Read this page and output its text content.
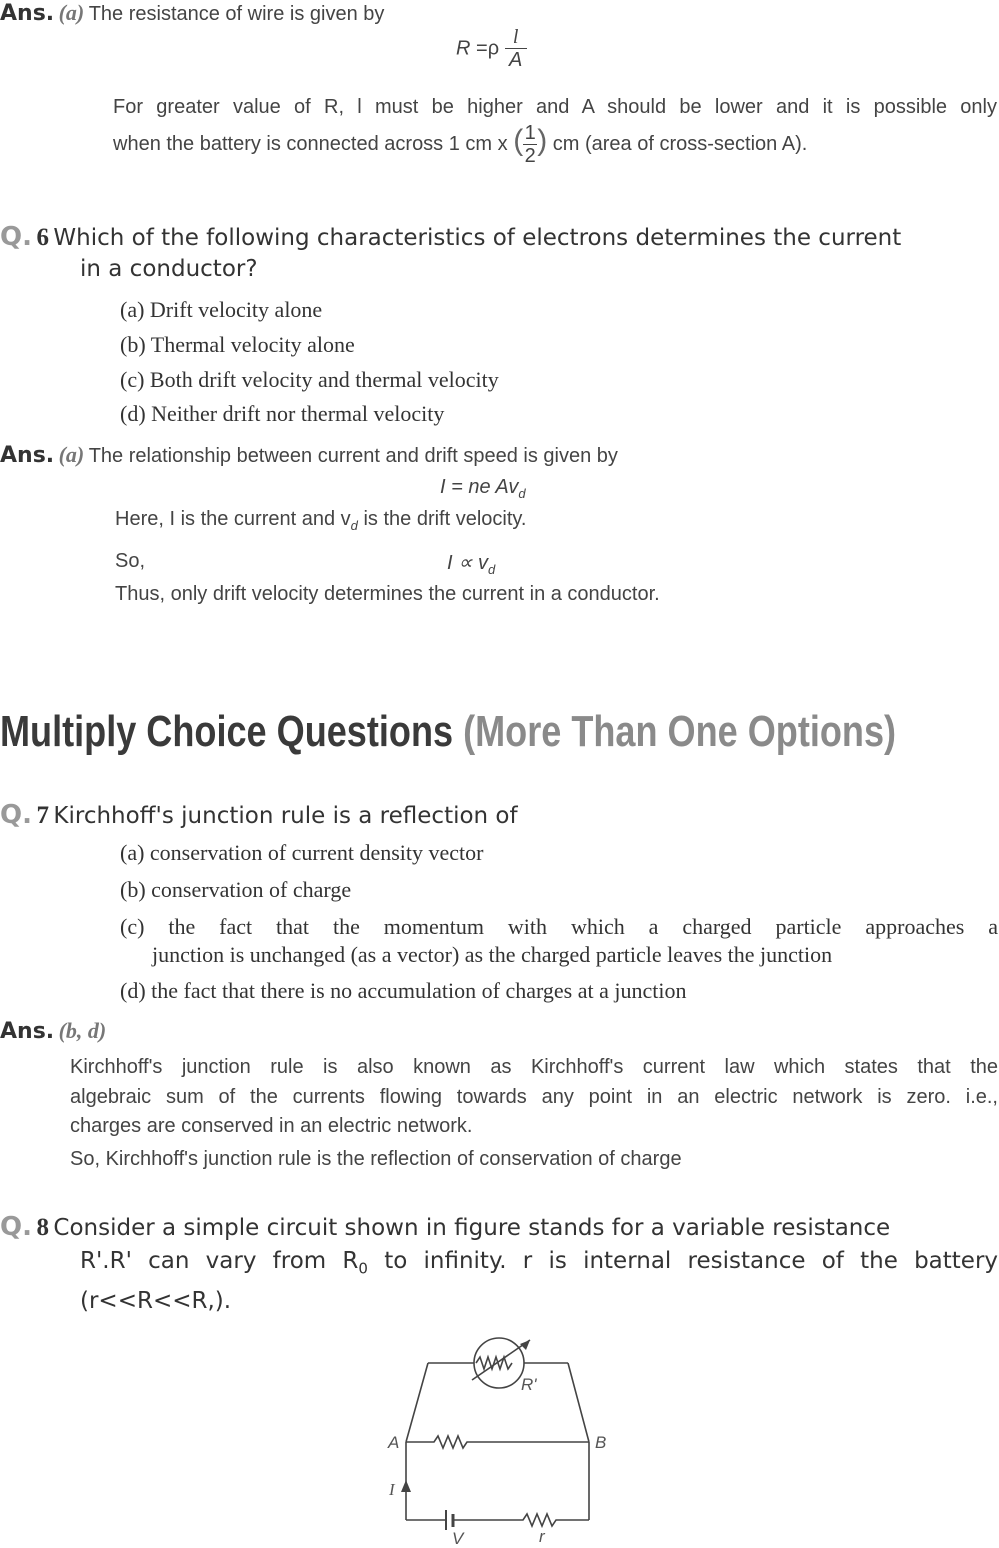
Ans. (a) The resistance of wire is given by
$R =\rho \frac{l}{A}$
For greater value of R, l must be higher and A should be lower and it is possible only
when the battery is connected across 1 cm x ( $\frac{1}{2}$ ) cm (area of cross-section A).
Q. 6 Which of the following characteristics of electrons determines the current
in a conductor?
(a) Drift velocity alone
(b) Thermal velocity alone
(c) Both drift velocity and thermal velocity
(d) Neither drift nor thermal velocity
Ans. (a) The relationship between current and drift speed is given by
I = ne $Av_d$
Here, I is the current and $v_d$ is the drift velocity.
So,	$I \propto v_d$
Thus, only drift velocity determines the current in a conductor.
Multiply Choice Questions (More Than One Options)
Q. 7 Kirchhoff's junction rule is a reflection of
(a) conservation of current density vector
(b) conservation of charge
(c) the fact that the momentum with which a charged particle approaches a
junction is unchanged (as a vector) as the charged particle leaves the junction
(d) the fact that there is no accumulation of charges at a junction
Ans. (b, d)
Kirchhoff's junction rule is also known as Kirchhoff's current law which states that the
algebraic sum of the currents flowing towards any point in an electric network is zero. i.e.,
charges are conserved in an electric network.
So, Kirchhoff's junction rule is the reflection of conservation of charge
Q. 8 Consider a simple circuit shown in figure stands for a variable resistance
R'.R' can vary from $R_0$ to infinity. r is internal resistance of the battery
(r<<R<<R,).
A	B
R'
I
V	r
